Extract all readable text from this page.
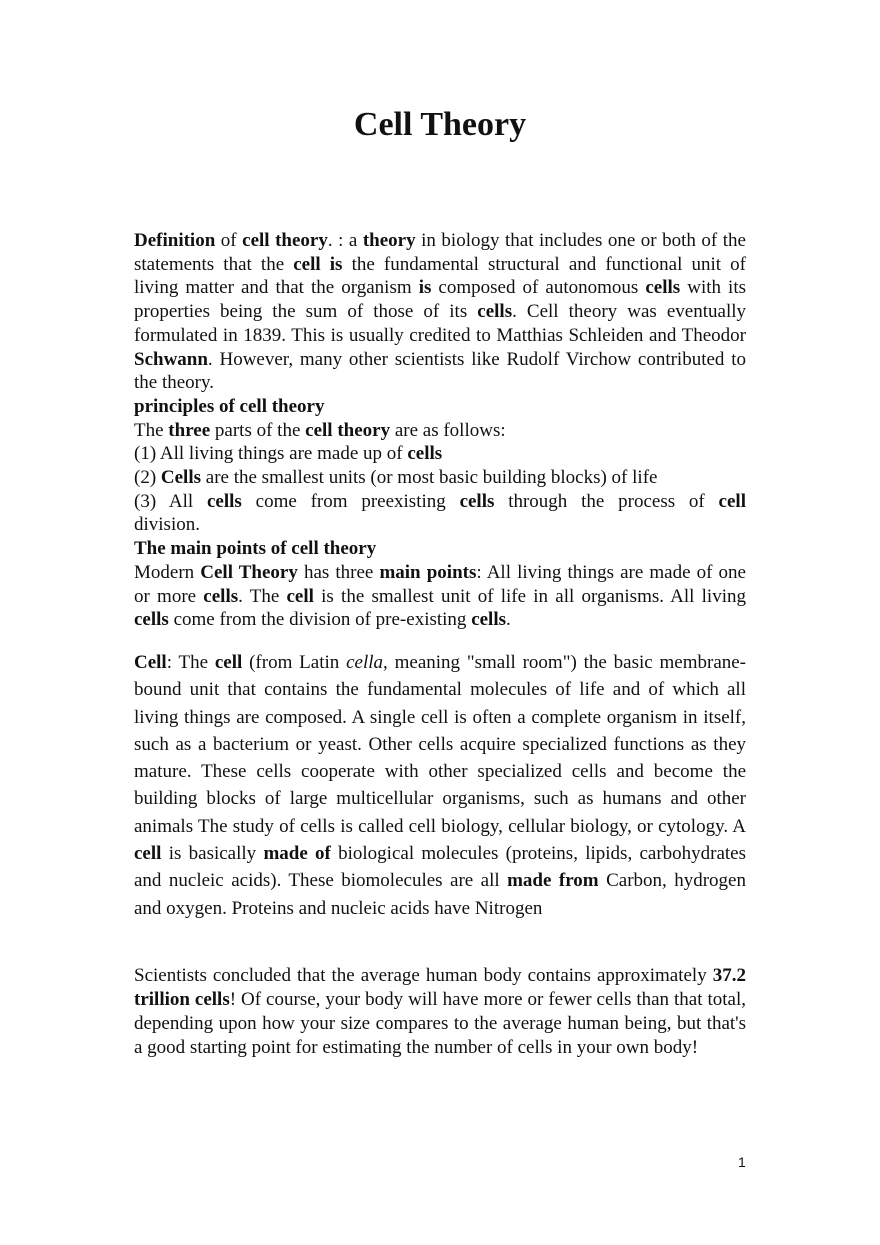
Cell Theory

Definition of cell theory. : a theory in biology that includes one or both of the statements that the cell is the fundamental structural and functional unit of living matter and that the organism is composed of autonomous cells with its properties being the sum of those of its cells. Cell theory was eventually formulated in 1839. This is usually credited to Matthias Schleiden and Theodor Schwann. However, many other scientists like Rudolf Virchow contributed to the theory.

principles of cell theory

The three parts of the cell theory are as follows:

(1) All living things are made up of cells

(2) Cells are the smallest units (or most basic building blocks) of life

(3) All cells come from preexisting cells through the process of cell

division.

The main points of cell theory

Modern Cell Theory has three main points: All living things are made of one or more cells. The cell is the smallest unit of life in all organisms. All living cells come from the division of pre-existing cells.

Cell: The cell (from Latin cella, meaning "small room") the basic membrane-bound unit that contains the fundamental molecules of life and of which all living things are composed. A single cell is often a complete organism in itself, such as a bacterium or yeast. Other cells acquire specialized functions as they mature. These cells cooperate with other specialized cells and become the building blocks of large multicellular organisms, such as humans and other animals The study of cells is called cell biology, cellular biology, or cytology. A cell is basically made of biological molecules (proteins, lipids, carbohydrates and nucleic acids). These biomolecules are all made from Carbon, hydrogen and oxygen. Proteins and nucleic acids have Nitrogen

Scientists concluded that the average human body contains approximately 37.2 trillion cells! Of course, your body will have more or fewer cells than that total, depending upon how your size compares to the average human being, but that's a good starting point for estimating the number of cells in your own body!

1
